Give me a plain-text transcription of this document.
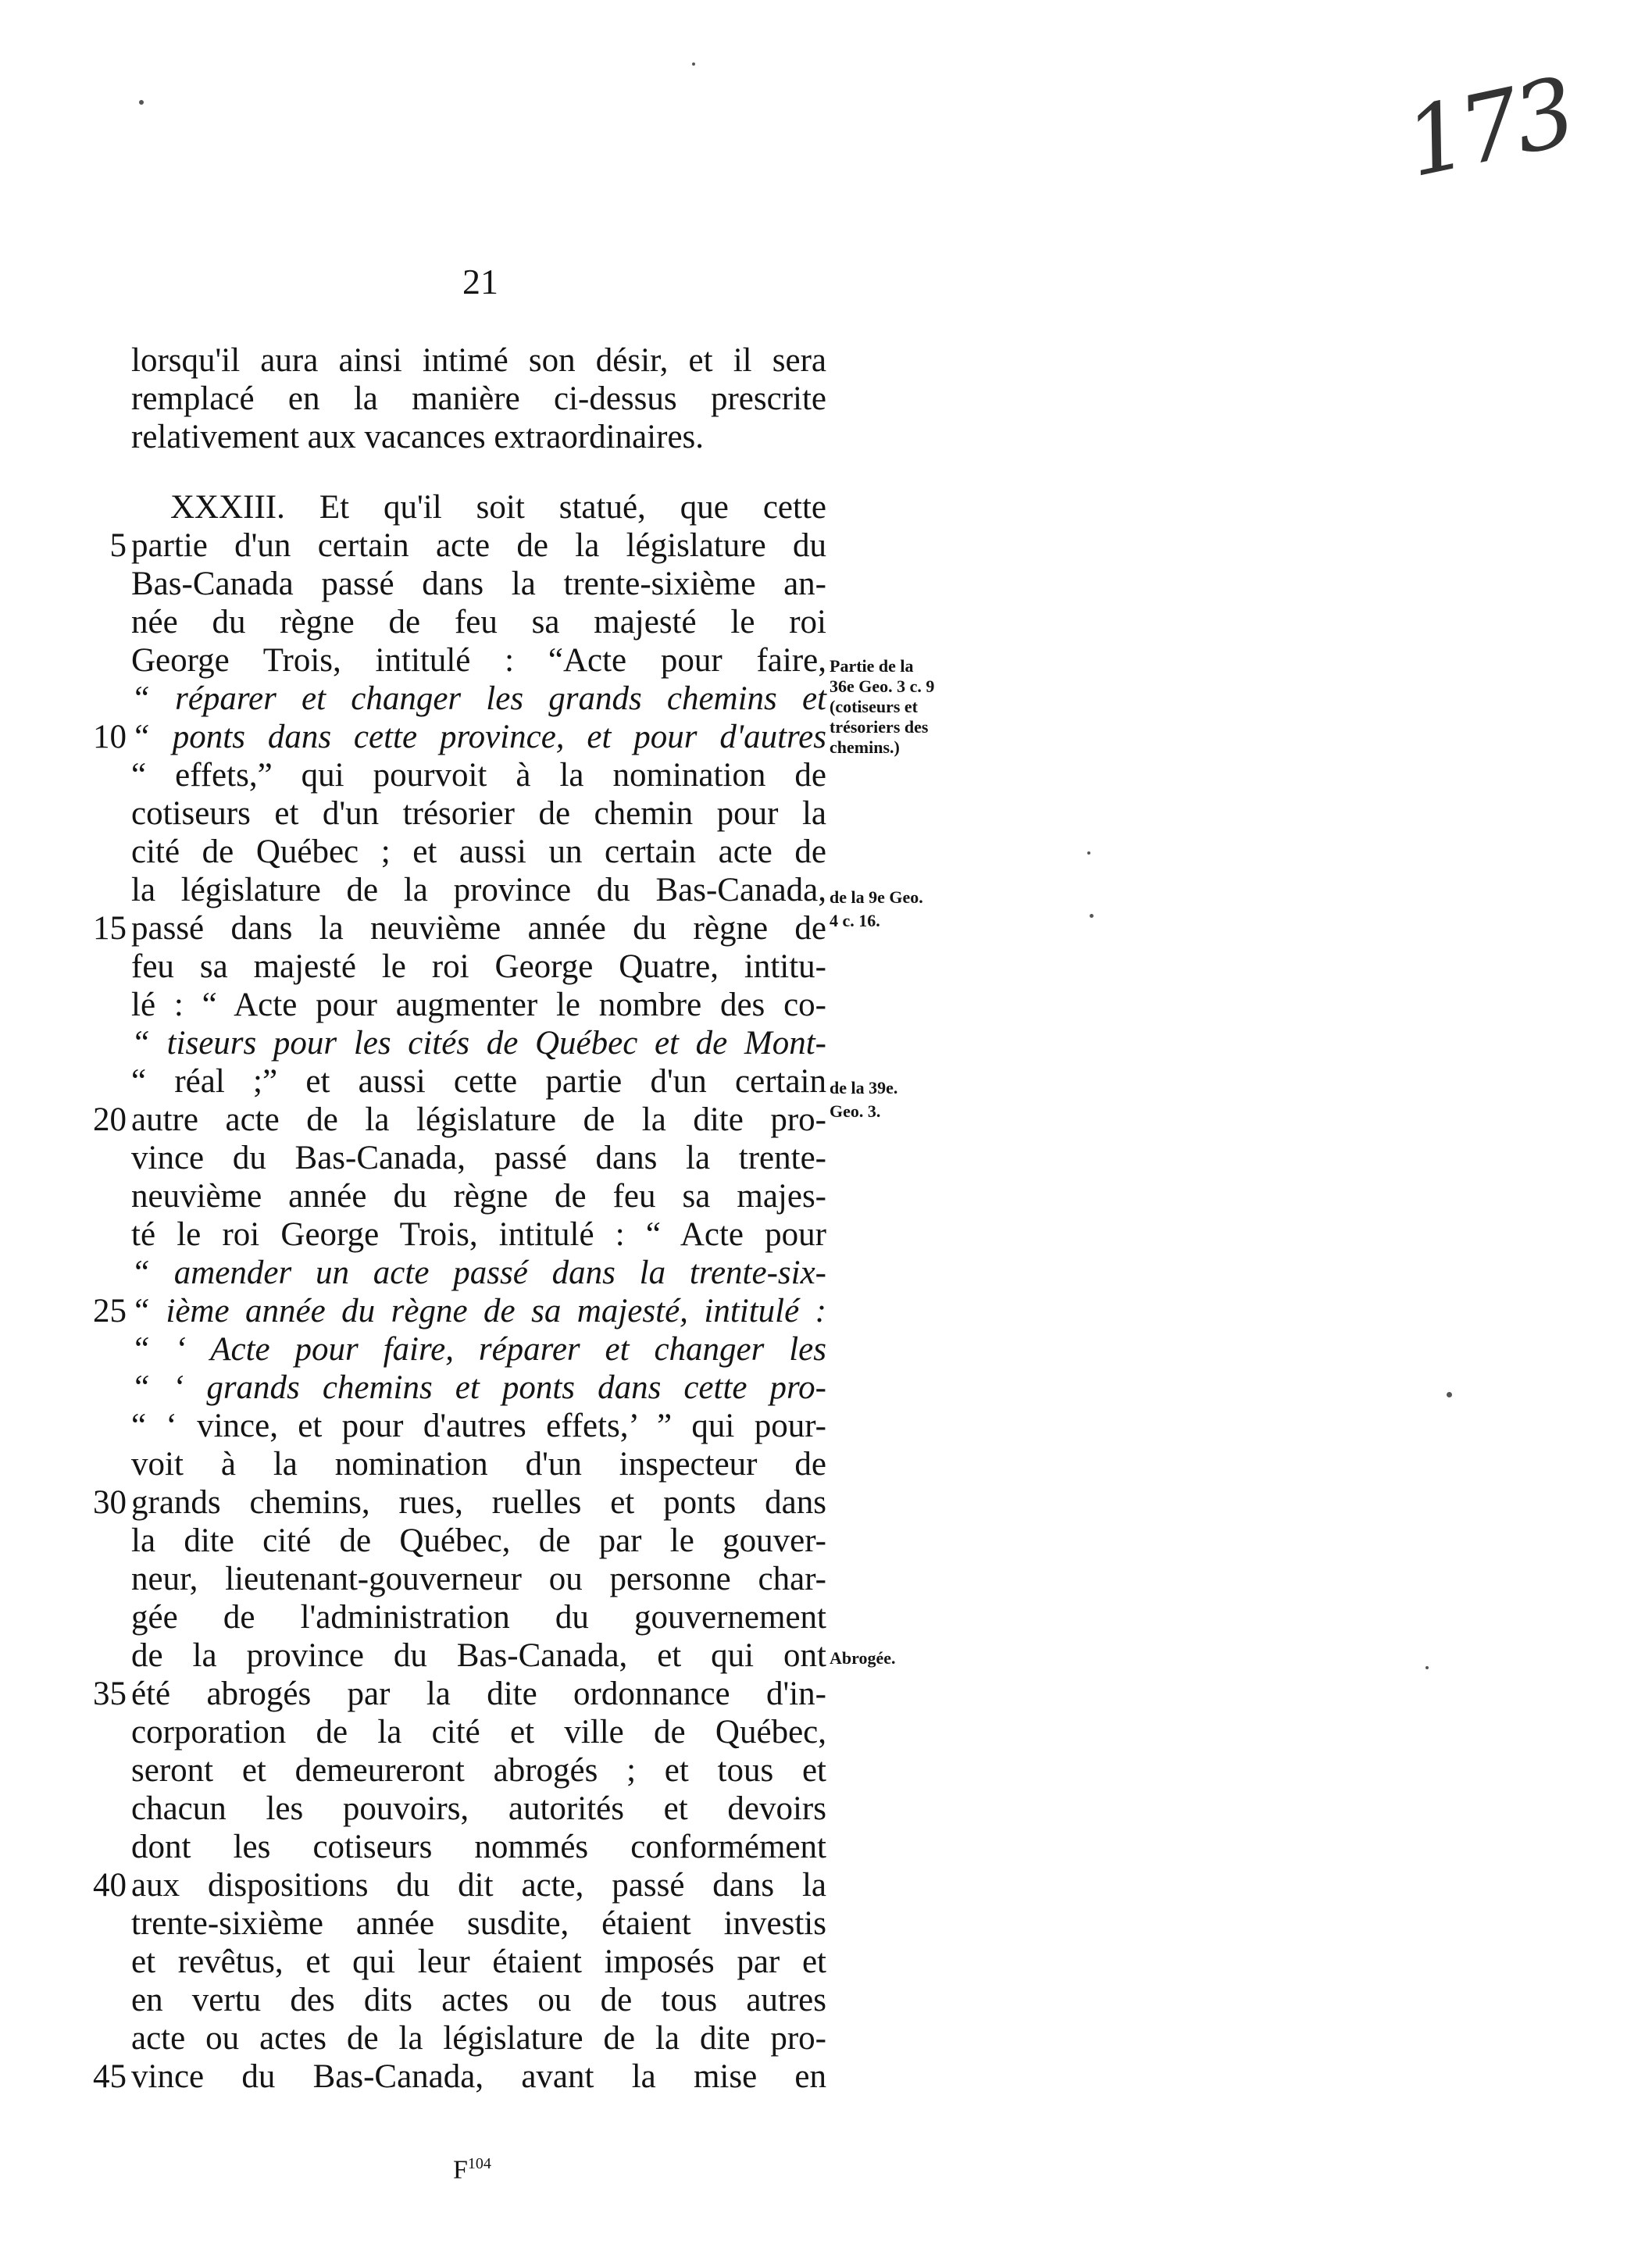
173
21
lorsqu'il aura ainsi intimé son désir, et il sera
remplacé en la manière ci-dessus prescrite
relativement aux vacances extraordinaires.
XXXIII. Et qu'il soit statué, que cette
partie d'un certain acte de la législature du
Bas-Canada passé dans la trente-sixième an-
née du règne de feu sa majesté le roi
George Trois, intitulé : “Acte pour faire,
“ réparer et changer les grands chemins et
“ ponts dans cette province, et pour d'autres
“ effets,” qui pourvoit à la nomination de
cotiseurs et d'un trésorier de chemin pour la
cité de Québec ; et aussi un certain acte de
la législature de la province du Bas-Canada,
passé dans la neuvième année du règne de
feu sa majesté le roi George Quatre, intitu-
lé : “ Acte pour augmenter le nombre des co-
“ tiseurs pour les cités de Québec et de Mont-
“ réal ;” et aussi cette partie d'un certain
autre acte de la législature de la dite pro-
vince du Bas-Canada, passé dans la trente-
neuvième année du règne de feu sa majes-
té le roi George Trois, intitulé : “ Acte pour
“ amender un acte passé dans la trente-six-
“ ième année du règne de sa majesté, intitulé :
“ ‘ Acte pour faire, réparer et changer les
“ ‘ grands chemins et ponts dans cette pro-
“ ‘ vince, et pour d'autres effets,’ ” qui pour-
voit à la nomination d'un inspecteur de
grands chemins, rues, ruelles et ponts dans
la dite cité de Québec, de par le gouver-
neur, lieutenant-gouverneur ou personne char-
gée de l'administration du gouvernement
de la province du Bas-Canada, et qui ont
été abrogés par la dite ordonnance d'in-
corporation de la cité et ville de Québec,
seront et demeureront abrogés ; et tous et
chacun les pouvoirs, autorités et devoirs
dont les cotiseurs nommés conformément
aux dispositions du dit acte, passé dans la
trente-sixième année susdite, étaient investis
et revêtus, et qui leur étaient imposés par et
en vertu des dits actes ou de tous autres
acte ou actes de la législature de la dite pro-
vince du Bas-Canada, avant la mise en
5
10
15
20
25
30
35
40
45
Partie de la
36e Geo. 3 c. 9
(cotiseurs et
trésoriers des
chemins.)
de la 9e Geo.
4 c. 16.
de la 39e.
Geo. 3.
Abrogée.
$F^{104}$
